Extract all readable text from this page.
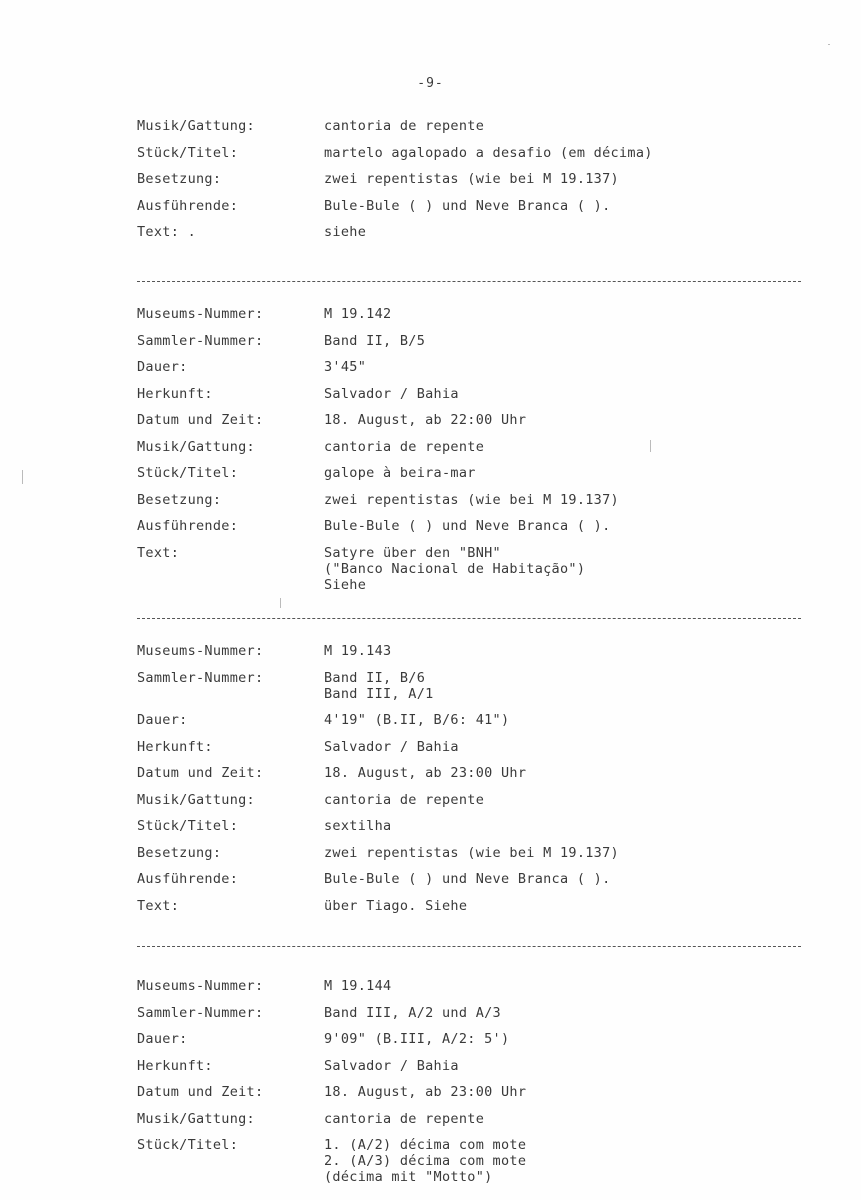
-9-
Musik/Gattung:	cantoria de repente
Stück/Titel:	martelo agalopado a desafio (em décima)
Besetzung:	zwei repentistas (wie bei M 19.137)
Ausführende:	Bule-Bule ( ) und Neve Branca ( ).
Text: .	siehe
Museums-Nummer:	M 19.142
Sammler-Nummer:	Band II, B/5
Dauer:	3'45"
Herkunft:	Salvador / Bahia
Datum und Zeit:	18. August, ab 22:00 Uhr
Musik/Gattung:	cantoria de repente
Stück/Titel:	galope à beira-mar
Besetzung:	zwei repentistas (wie bei M 19.137)
Ausführende:	Bule-Bule ( ) und Neve Branca ( ).
Text:	Satyre über den "BNH"
("Banco Nacional de Habitação")
Siehe
Museums-Nummer:	M 19.143
Sammler-Nummer:	Band II, B/6
Band III, A/1
Dauer:	4'19" (B.II, B/6: 41")
Herkunft:	Salvador / Bahia
Datum und Zeit:	18. August, ab 23:00 Uhr
Musik/Gattung:	cantoria de repente
Stück/Titel:	sextilha
Besetzung:	zwei repentistas (wie bei M 19.137)
Ausführende:	Bule-Bule ( ) und Neve Branca ( ).
Text:	über Tiago. Siehe
Museums-Nummer:	M 19.144
Sammler-Nummer:	Band III, A/2 und A/3
Dauer:	9'09" (B.III, A/2: 5')
Herkunft:	Salvador / Bahia
Datum und Zeit:	18. August, ab 23:00 Uhr
Musik/Gattung:	cantoria de repente
Stück/Titel:	1. (A/2) décima com mote
2. (A/3) décima com mote
(décima mit "Motto")
